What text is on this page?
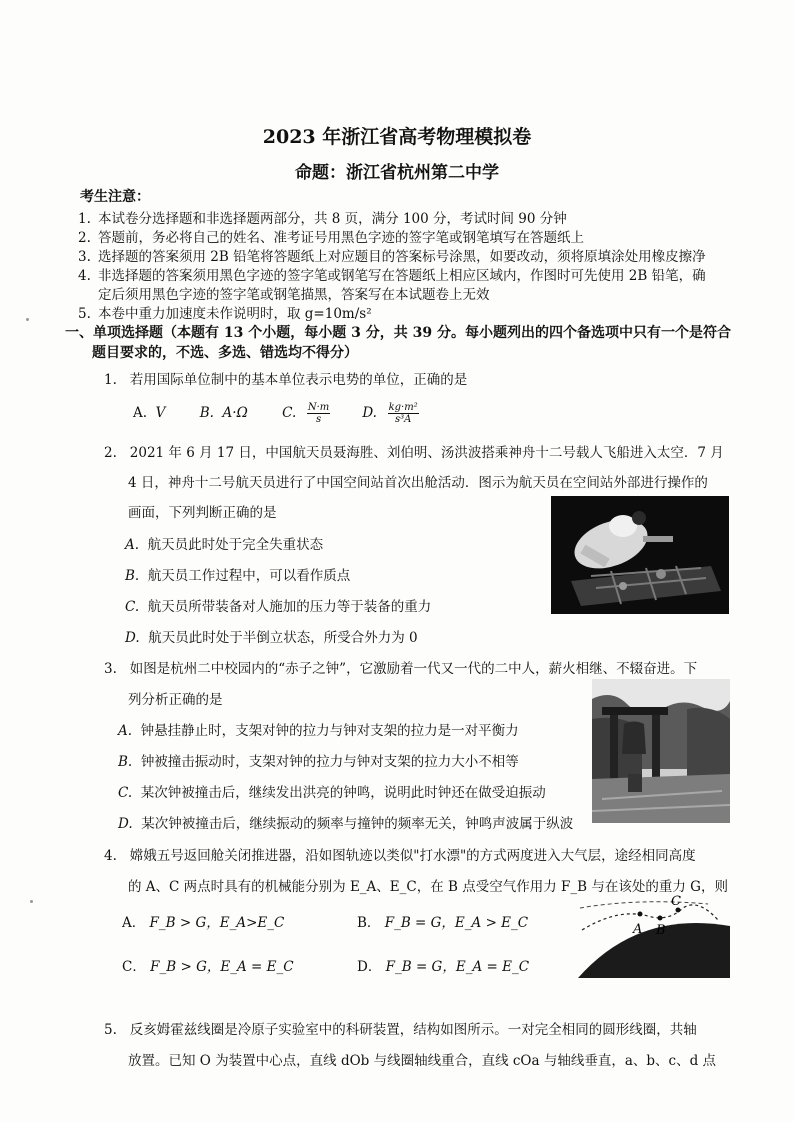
2023 年浙江省高考物理模拟卷
命题：浙江省杭州第二中学
考生注意：
1. 本试卷分选择题和非选择题两部分，共 8 页，满分 100 分，考试时间 90 分钟
2. 答题前，务必将自己的姓名、准考证号用黑色字迹的签字笔或钢笔填写在答题纸上
3. 选择题的答案须用 2B 铅笔将答题纸上对应题目的答案标号涂黑，如要改动，须将原填涂处用橡皮擦净
4. 非选择题的答案须用黑色字迹的签字笔或钢笔写在答题纸上相应区域内，作图时可先使用 2B 铅笔，确
定后须用黑色字迹的签字笔或钢笔描黑，答案写在本试题卷上无效
5. 本卷中重力加速度未作说明时，取 g=10m/s²
一、单项选择题（本题有 13 个小题，每小题 3 分，共 39 分。每小题列出的四个备选项中只有一个是符合
题目要求的，不选、多选、错选均不得分）
1. 若用国际单位制中的基本单位表示电势的单位，正确的是
A. V	B. A·Ω	C. $\frac{N\cdot m}{s} D$. $\frac{\text{kg·m²}}{\text{s³A}}$
2. 2021 年 6 月 17 日，中国航天员聂海胜、刘伯明、汤洪波搭乘神舟十二号载人飞船进入太空．7 月
4 日，神舟十二号航天员进行了中国空间站首次出舱活动．图示为航天员在空间站外部进行操作的
画面，下列判断正确的是
A. 航天员此时处于完全失重状态
B. 航天员工作过程中，可以看作质点
C. 航天员所带装备对人施加的压力等于装备的重力
D. 航天员此时处于半倒立状态，所受合外力为 0
3. 如图是杭州二中校园内的“赤子之钟”，它激励着一代又一代的二中人，薪火相继、不辍奋进。下
列分析正确的是
A. 钟悬挂静止时，支架对钟的拉力与钟对支架的拉力是一对平衡力
B. 钟被撞击振动时，支架对钟的拉力与钟对支架的拉力大小不相等
C. 某次钟被撞击后，继续发出洪亮的钟鸣，说明此时钟还在做受迫振动
D. 某次钟被撞击后，继续振动的频率与撞钟的频率无关，钟鸣声波属于纵波
4. 嫦娥五号返回舱关闭推进器，沿如图轨迹以类似"打水漂"的方式两度进入大气层，途经相同高度
的 A、C 两点时具有的机械能分别为 E_A、E_C，在 B 点受空气作用力 F_B 与在该处的重力 G，则
A． F_B > G，E_A>E_C	B． F_B = G，E_A > E_C
C． F_B > G，E_A = E_C	D． F_B = G，E_A = E_C
A B
C
5. 反亥姆霍兹线圈是冷原子实验室中的科研装置，结构如图所示。一对完全相同的圆形线圈，共轴
放置。已知 O 为装置中心点，直线 dOb 与线圈轴线重合，直线 cOa 与轴线垂直，a、b、c、d 点
